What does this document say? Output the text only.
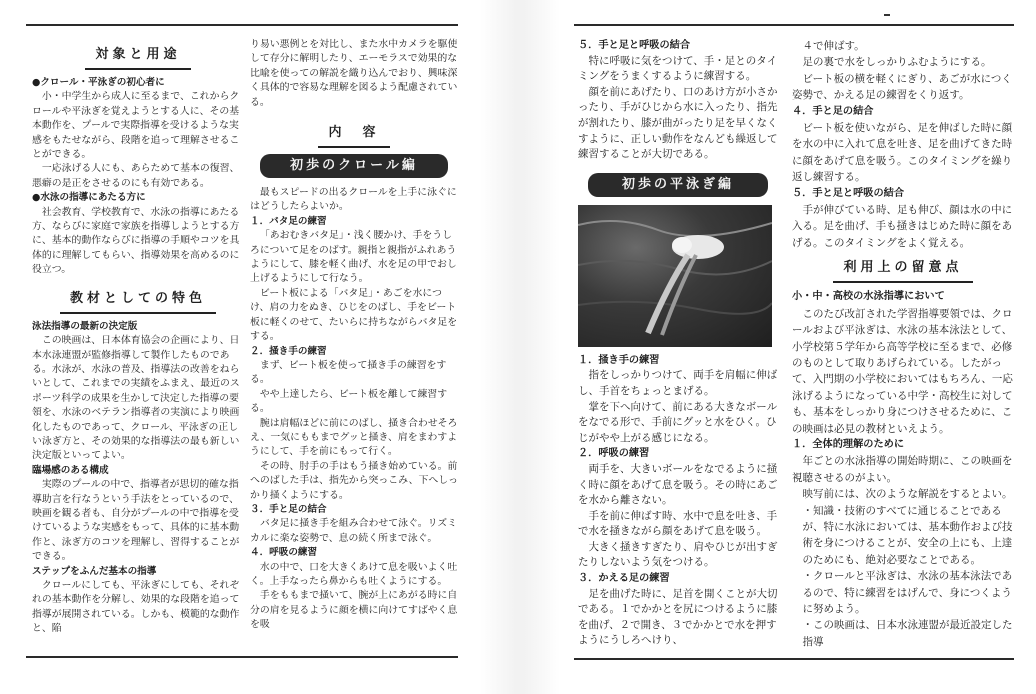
対象と用途
●クロール・平泳ぎの初心者に

小・中学生から成人に至るまで、これからクロールや平泳ぎを覚えようとする人に、その基本動作を、プールで実際指導を受けるような実感をもたせながら、段階を追って理解させることができる。

一応泳げる人にも、あらためて基本の復習、悪癖の是正をさせるのにも有効である。

●水泳の指導にあたる方に

社会教育、学校教育で、水泳の指導にあたる方、ならびに家庭で家族を指導しようとする方に、基本的動作ならびに指導の手順やコツを具体的に理解してもらい、指導効果を高めるのに役立つ。

教材としての特色
泳法指導の最新の決定版

この映画は、日本体育協会の企画により、日本水泳連盟が監修指導して製作したものである。水泳が、水泳の普及、指導法の改善をねらいとして、これまでの実績をふまえ、最近のスポーツ科学の成果を生かして決定した指導の要領を、水泳のベテラン指導者の実演により映画化したものであって、クロール、平泳ぎの正しい泳ぎ方と、その効果的な指導法の最も新しい決定版といってよい。

臨場感のある構成

実際のプールの中で、指導者が思切的確な指導助言を行なうという手法をとっているので、映画を観る者も、自分がプールの中で指導を受けているような実感をもって、具体的に基本動作と、泳ぎ方のコツを理解し、習得することができる。

ステップをふんだ基本の指導

クロールにしても、平泳ぎにしても、それぞれの基本動作を分解し、効果的な段階を追って指導が展開されている。しかも、模範的な動作と、陥

り易い悪例とを対比し、また水中カメラを駆使して存分に解明したり、エーモラスで効果的な比喩を使っての解説を織り込んでおり、興味深く具体的で容易な理解を図るよう配慮されている。

内　容
初歩のクロール編

最もスピードの出るクロールを上手に泳ぐにはどうしたらよいか。

１．バタ足の練習

「あおむきバタ足」・浅く腰かけ、手をうしろについて足をのばす。親指と親指がふれあうようにして、膝を軽く曲げ、水を足の甲でおし上げるようにして行なう。

ビート板による「バタ足」・あごを水につけ、肩の力をぬき、ひじをのばし、手をビート板に軽くのせて、たいらに持ちながらバタ足をする。

２．掻き手の練習

まず、ビート板を使って掻き手の練習をする。

やや上達したら、ビート板を離して練習する。

腕は肩幅ほどに前にのばし、掻き合わせそろえ、一気にももまでグッと掻き、肩をまわすようにして、手を前にもって行く。

その時、肘手の手はもう掻き始めている。前へのばした手は、指先から突っこみ、下へしっかり掻くようにする。

３．手と足の結合

バタ足に掻き手を組み合わせて泳ぐ。リズミカルに楽な姿勢で、息の続く所まで泳ぐ。

４．呼吸の練習

水の中で、口を大きくあけて息を吸いよく吐く。上手なったら鼻からも吐くようにする。

手をももまで掻いて、腕が上にあがる時に自分の肩を見るように顔を横に向けてすばやく息を吸

５．手と足と呼吸の結合

特に呼吸に気をつけて、手・足とのタイミングをうまくするように練習する。

顔を前にあげたり、口のあけ方が小さかったり、手がひじから水に入ったり、指先が割れたり、膝が曲がったり足を早くなくすように、正しい動作をなんども繰返して練習することが大切である。

初歩の平泳ぎ編
１．掻き手の練習

指をしっかりつけて、両手を肩幅に伸ばし、手首をちょっとまげる。

掌を下へ向けて、前にある大きなボールをなでる形で、手前にグッと水をひく。ひじがやや上がる感じになる。

２．呼吸の練習

両手を、大きいボールをなでるように掻く時に顔をあげて息を吸う。その時にあごを水から離さない。

手を前に伸ばす時、水中で息を吐き、手で水を掻きながら顔をあげて息を吸う。

大きく掻きすぎたり、肩やひじが出すぎたりしないよう気をつける。

３．かえる足の練習

足を曲げた時に、足首を開くことが大切である。１でかかとを尻につけるように膝を曲げ、２で開き、３でかかとで水を押すようにうしろへけり、

４で伸ばす。

足の裏で水をしっかりふむようにする。

ビート板の横を軽くにぎり、あごが水につく姿勢で、かえる足の練習をくり返す。

４．手と足の結合

ビート板を使いながら、足を伸ばした時に顔を水の中に入れて息を吐き、足を曲げてきた時に顔をあげて息を吸う。このタイミングを繰り返し練習する。

５．手と足と呼吸の結合

手が伸びている時、足も伸び、顔は水の中に入る。足を曲げ、手も掻きはじめた時に顔をあげる。このタイミングをよく覚える。

利用上の留意点
小・中・高校の水泳指導において

このたび改訂された学習指導要領では、クロールおよび平泳ぎは、水泳の基本泳法として、小学校第５学年から高等学校に至るまで、必修のものとして取りあげられている。したがって、入門期の小学校においてはもちろん、一応泳げるようになっている中学・高校生に対しても、基本をしっかり身につけさせるために、この映画は必見の教材といえよう。

１．全体的理解のために

年ごとの水泳指導の開始時期に、この映画を視聴させるのがよい。

映写前には、次のような解説をするとよい。

・知識・技術のすべてに通じることであるが、特に水泳においては、基本動作および技術を身につけることが、安全の上にも、上達のためにも、絶対必要なことである。

・クロールと平泳ぎは、水泳の基本泳法であるので、特に練習をはげんで、身につくように努めよう。

・この映画は、日本水泳連盟が最近設定した指導
